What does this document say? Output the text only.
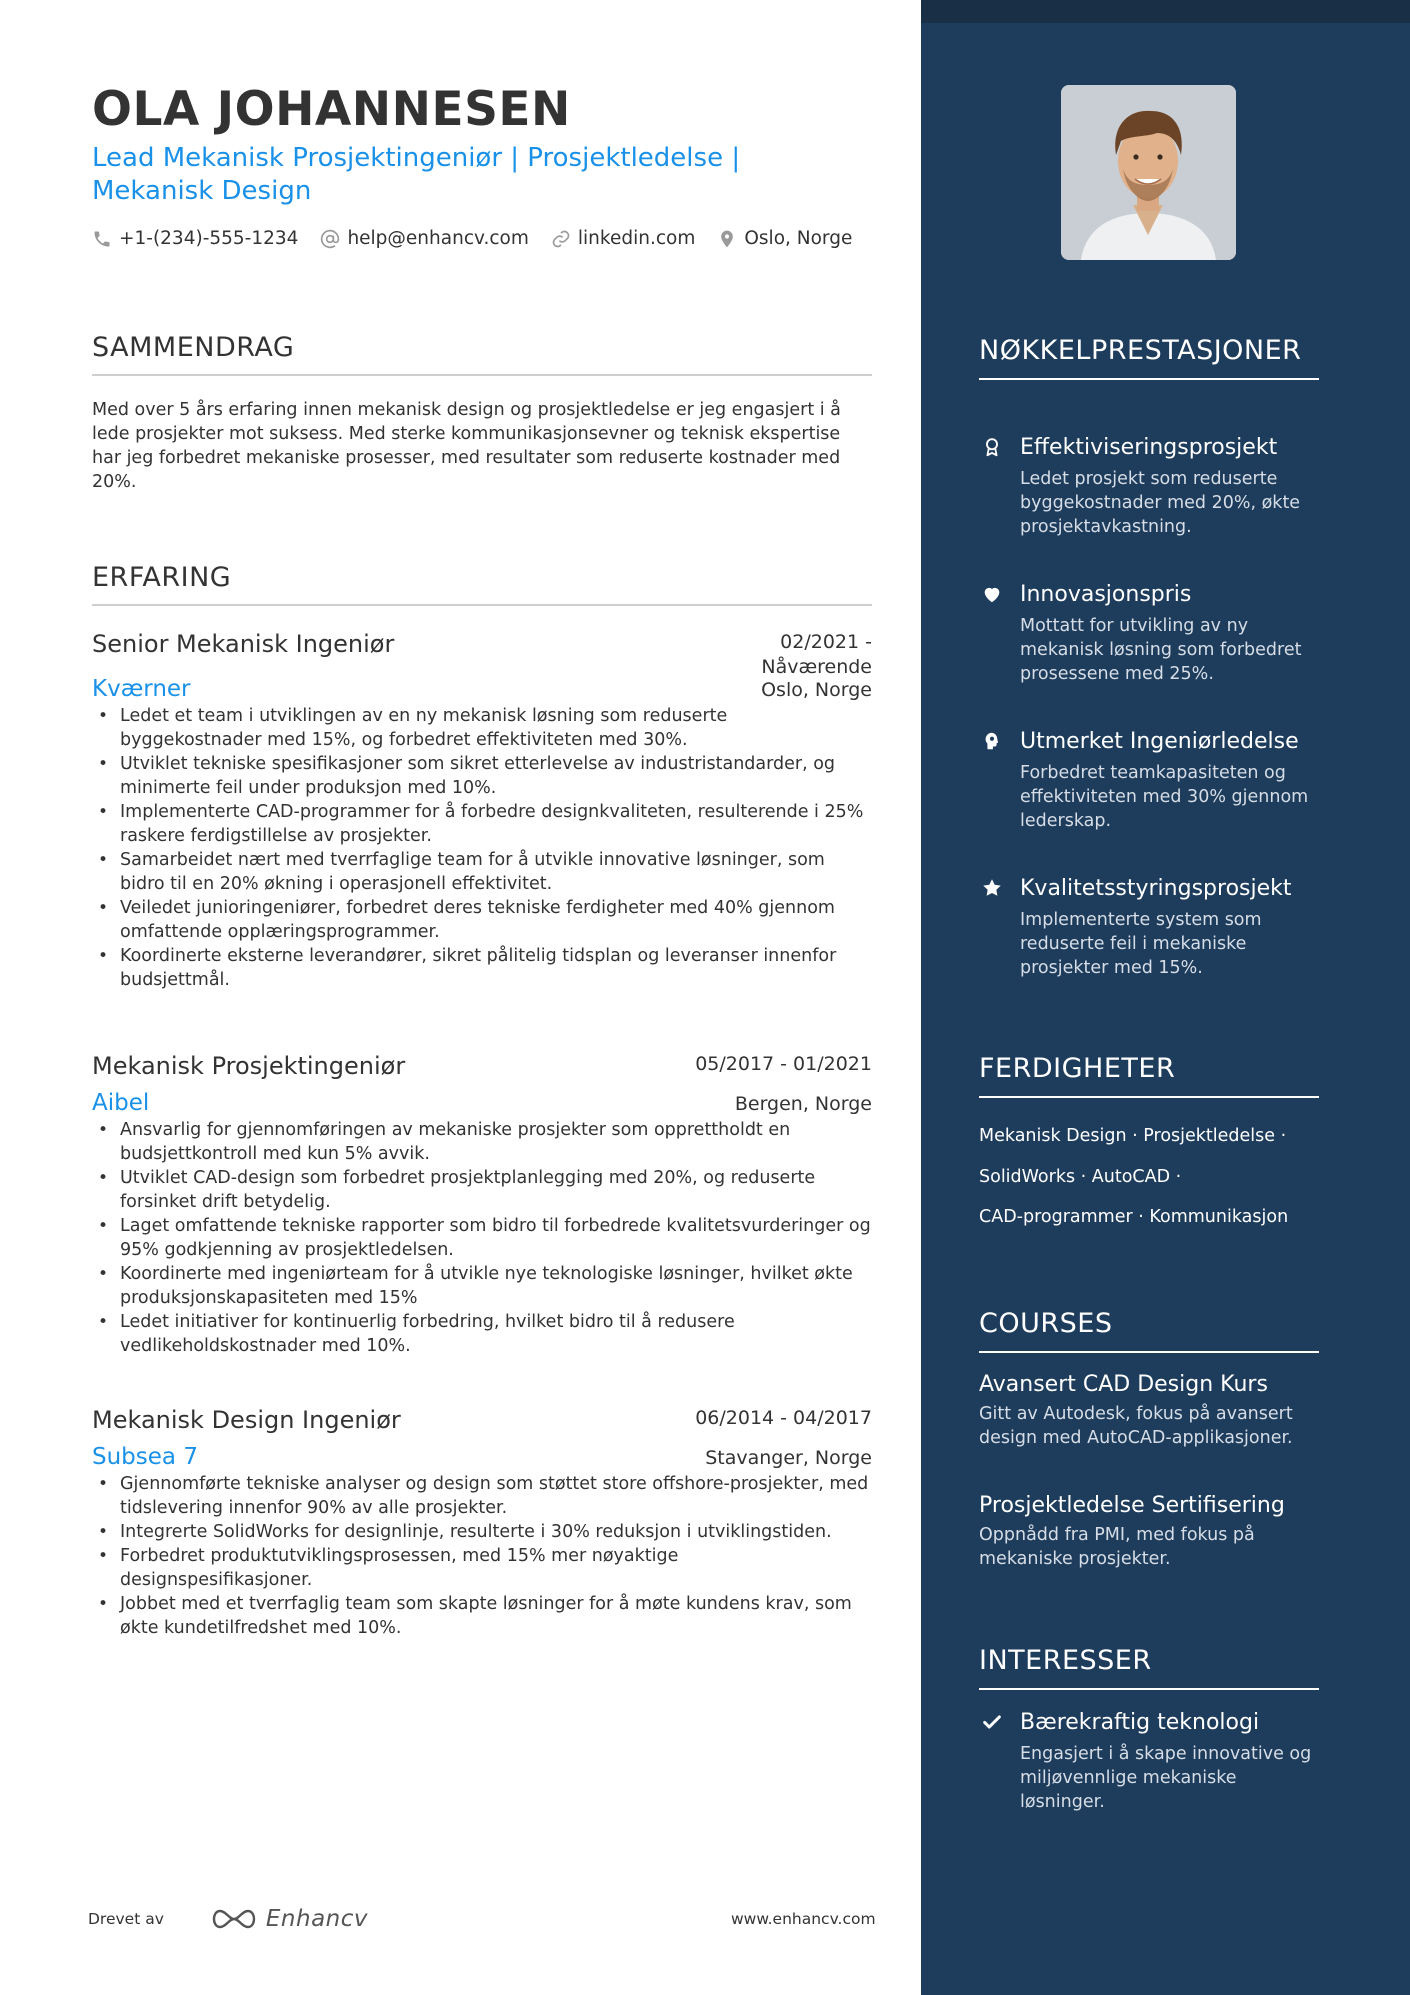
OLA JOHANNESEN
Lead Mekanisk Prosjektingeniør | Prosjektledelse | Mekanisk Design
+1-(234)-555-1234	help@enhancv.com	linkedin.com	Oslo, Norge
SAMMENDRAG

Med over 5 års erfaring innen mekanisk design og prosjektledelse er jeg engasjert i å lede prosjekter mot suksess. Med sterke kommunikasjonsevner og teknisk ekspertise har jeg forbedret mekaniske prosesser, med resultater som reduserte kostnader med 20%.

ERFARING
Senior Mekanisk Ingeniør	02/2021 - Nåværende
Kværner	Oslo, Norge
• Ledet et team i utviklingen av en ny mekanisk løsning som reduserte byggekostnader med 15%, og forbedret effektiviteten med 30%.
• Utviklet tekniske spesifikasjoner som sikret etterlevelse av industristandarder, og minimerte feil under produksjon med 10%.
• Implementerte CAD-programmer for å forbedre designkvaliteten, resulterende i 25% raskere ferdigstillelse av prosjekter.
• Samarbeidet nært med tverrfaglige team for å utvikle innovative løsninger, som bidro til en 20% økning i operasjonell effektivitet.
• Veiledet junioringeniører, forbedret deres tekniske ferdigheter med 40% gjennom omfattende opplæringsprogrammer.
• Koordinerte eksterne leverandører, sikret pålitelig tidsplan og leveranser innenfor budsjettmål.
Mekanisk Prosjektingeniør	05/2017 - 01/2021
Aibel	Bergen, Norge
• Ansvarlig for gjennomføringen av mekaniske prosjekter som opprettholdt en budsjettkontroll med kun 5% avvik.
• Utviklet CAD-design som forbedret prosjektplanlegging med 20%, og reduserte forsinket drift betydelig.
• Laget omfattende tekniske rapporter som bidro til forbedrede kvalitetsvurderinger og 95% godkjenning av prosjektledelsen.
• Koordinerte med ingeniørteam for å utvikle nye teknologiske løsninger, hvilket økte produksjonskapasiteten med 15%
• Ledet initiativer for kontinuerlig forbedring, hvilket bidro til å redusere vedlikeholdskostnader med 10%.
Mekanisk Design Ingeniør	06/2014 - 04/2017
Subsea 7	Stavanger, Norge
• Gjennomførte tekniske analyser og design som støttet store offshore-prosjekter, med tidslevering innenfor 90% av alle prosjekter.
• Integrerte SolidWorks for designlinje, resulterte i 30% reduksjon i utviklingstiden.
• Forbedret produktutviklingsprosessen, med 15% mer nøyaktige designspesifikasjoner.
• Jobbet med et tverrfaglig team som skapte løsninger for å møte kundens krav, som økte kundetilfredshet med 10%.
Drevet av	Enhancv	www.enhancv.com
NØKKELPRESTASJONER
Effektiviseringsprosjekt
Ledet prosjekt som reduserte byggekostnader med 20%, økte prosjektavkastning.
Innovasjonspris
Mottatt for utvikling av ny mekanisk løsning som forbedret prosessene med 25%.
Utmerket Ingeniørledelse
Forbedret teamkapasiteten og effektiviteten med 30% gjennom lederskap.
Kvalitetsstyringsprosjekt
Implementerte system som reduserte feil i mekaniske prosjekter med 15%.
FERDIGHETER
Mekanisk Design · Prosjektledelse ·
SolidWorks · AutoCAD ·
CAD-programmer · Kommunikasjon
COURSES
Avansert CAD Design Kurs
Gitt av Autodesk, fokus på avansert design med AutoCAD-applikasjoner.
Prosjektledelse Sertifisering
Oppnådd fra PMI, med fokus på mekaniske prosjekter.
INTERESSER
Bærekraftig teknologi
Engasjert i å skape innovative og miljøvennlige mekaniske løsninger.
